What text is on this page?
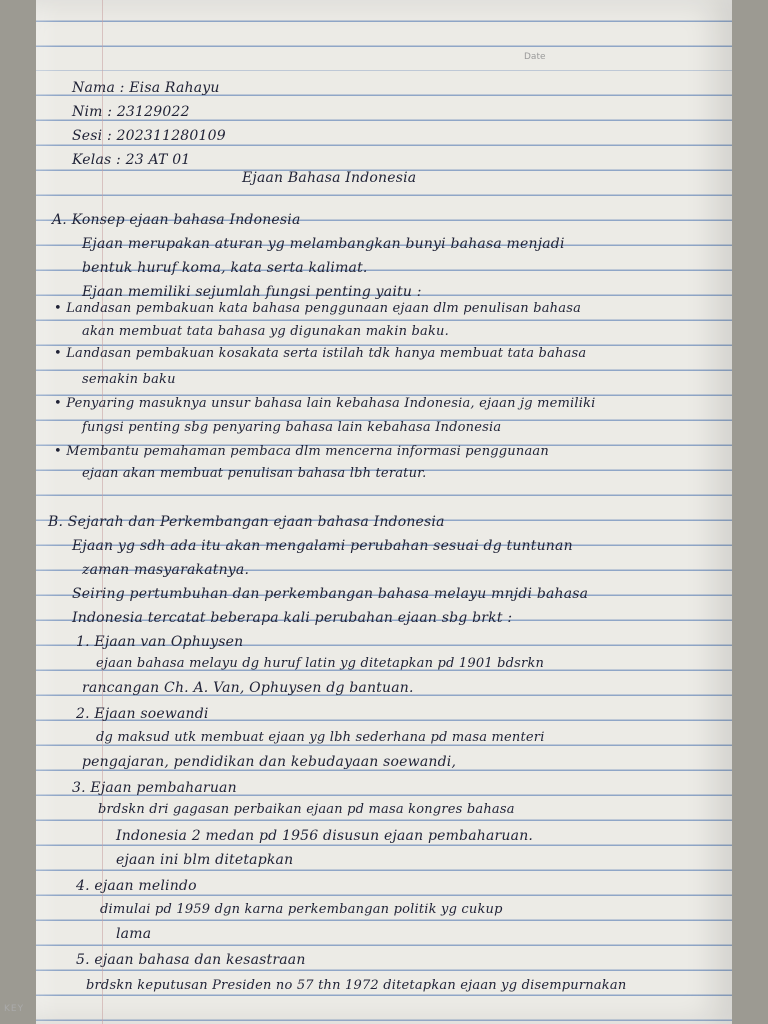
Date
Nama : Eisa Rahayu
Nim : 23129022
Sesi : 202311280109
Kelas : 23 AT 01
Ejaan Bahasa Indonesia
A. Konsep ejaan bahasa Indonesia
Ejaan merupakan aturan yg melambangkan bunyi bahasa menjadi
bentuk huruf koma, kata serta kalimat.
Ejaan memiliki sejumlah fungsi penting yaitu :
• Landasan pembakuan kata bahasa penggunaan ejaan dlm penulisan bahasa
akan membuat tata bahasa yg digunakan makin baku.
• Landasan pembakuan kosakata serta istilah tdk hanya membuat tata bahasa
semakin baku
• Penyaring masuknya unsur bahasa lain kebahasa Indonesia, ejaan jg memiliki
fungsi penting sbg penyaring bahasa lain kebahasa Indonesia
• Membantu pemahaman pembaca dlm mencerna informasi penggunaan
ejaan akan membuat penulisan bahasa lbh teratur.
B. Sejarah dan Perkembangan ejaan bahasa Indonesia
Ejaan yg sdh ada itu akan mengalami perubahan sesuai dg tuntunan
zaman masyarakatnya.
Seiring pertumbuhan dan perkembangan bahasa melayu mnjdi bahasa
Indonesia tercatat beberapa kali perubahan ejaan sbg brkt :
1. Ejaan van Ophuysen
ejaan bahasa melayu dg huruf latin yg ditetapkan pd 1901 bdsrkn
rancangan Ch. A. Van, Ophuysen dg bantuan.
2. Ejaan soewandi
dg maksud utk membuat ejaan yg lbh sederhana pd masa menteri
pengajaran, pendidikan dan kebudayaan soewandi,
3. Ejaan pembaharuan
brdskn dri gagasan perbaikan ejaan pd masa kongres bahasa
Indonesia 2 medan pd 1956 disusun ejaan pembaharuan.
ejaan ini blm ditetapkan
4. ejaan melindo
dimulai pd 1959 dgn karna perkembangan politik yg cukup
lama
5. ejaan bahasa dan kesastraan
brdskn keputusan Presiden no 57 thn 1972 ditetapkan ejaan yg disempurnakan
KEY
